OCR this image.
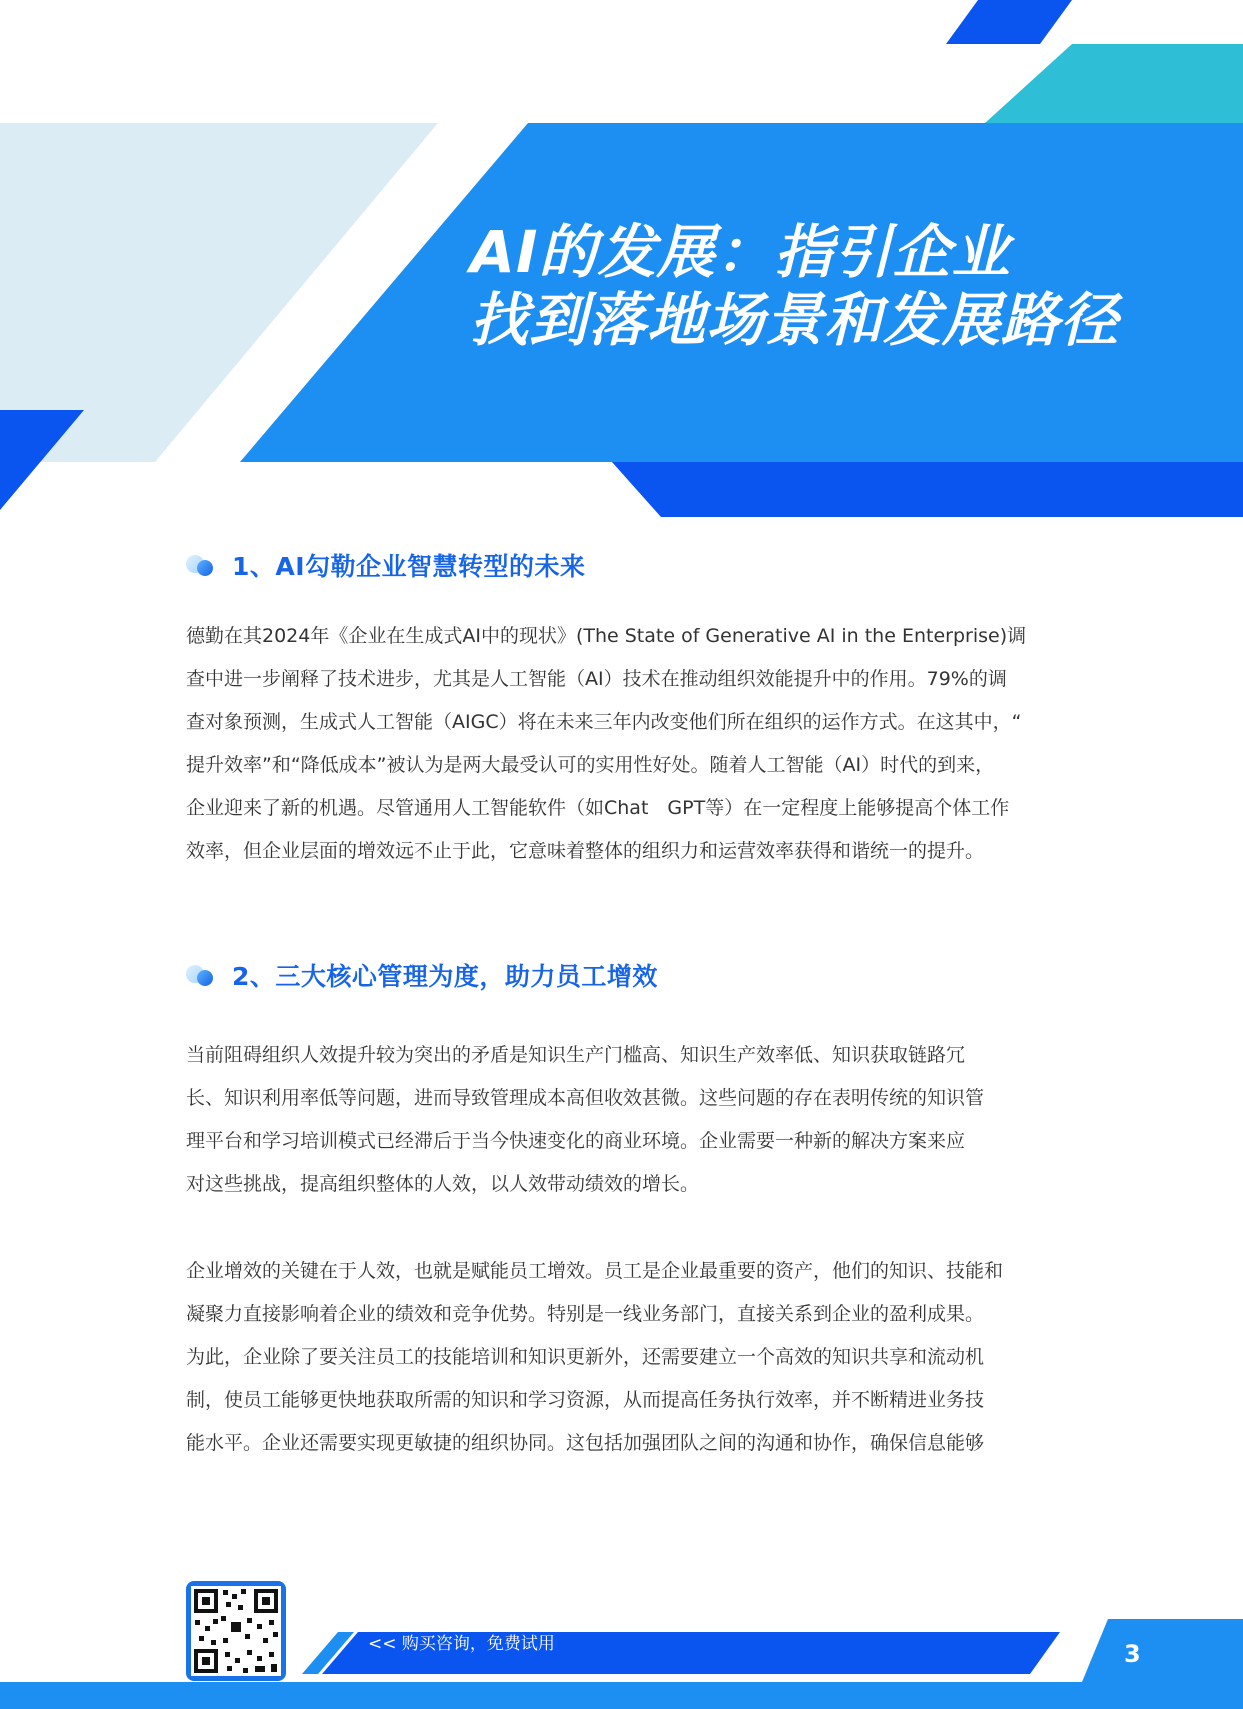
AI的发展：指引企业
找到落地场景和发展路径
1、AI勾勒企业智慧转型的未来

德勤在其2024年《企业在生成式AI中的现状》(The State of Generative AI in the Enterprise)调
查中进一步阐释了技术进步，尤其是人工智能（AI）技术在推动组织效能提升中的作用。79%的调
查对象预测，生成式人工智能（AIGC）将在未来三年内改变他们所在组织的运作方式。在这其中，“
提升效率”和“降低成本”被认为是两大最受认可的实用性好处。随着人工智能（AI）时代的到来，
企业迎来了新的机遇。尽管通用人工智能软件（如Chat　GPT等）在一定程度上能够提高个体工作
效率，但企业层面的增效远不止于此，它意味着整体的组织力和运营效率获得和谐统一的提升。

2、三大核心管理为度，助力员工增效

当前阻碍组织人效提升较为突出的矛盾是知识生产门槛高、知识生产效率低、知识获取链路冗
长、知识利用率低等问题，进而导致管理成本高但收效甚微。这些问题的存在表明传统的知识管
理平台和学习培训模式已经滞后于当今快速变化的商业环境。企业需要一种新的解决方案来应
对这些挑战，提高组织整体的人效，以人效带动绩效的增长。

企业增效的关键在于人效，也就是赋能员工增效。员工是企业最重要的资产，他们的知识、技能和
凝聚力直接影响着企业的绩效和竞争优势。特别是一线业务部门，直接关系到企业的盈利成果。
为此，企业除了要关注员工的技能培训和知识更新外，还需要建立一个高效的知识共享和流动机
制，使员工能够更快地获取所需的知识和学习资源，从而提高任务执行效率，并不断精进业务技
能水平。企业还需要实现更敏捷的组织协同。这包括加强团队之间的沟通和协作，确保信息能够

<< 购买咨询，免费试用	3
